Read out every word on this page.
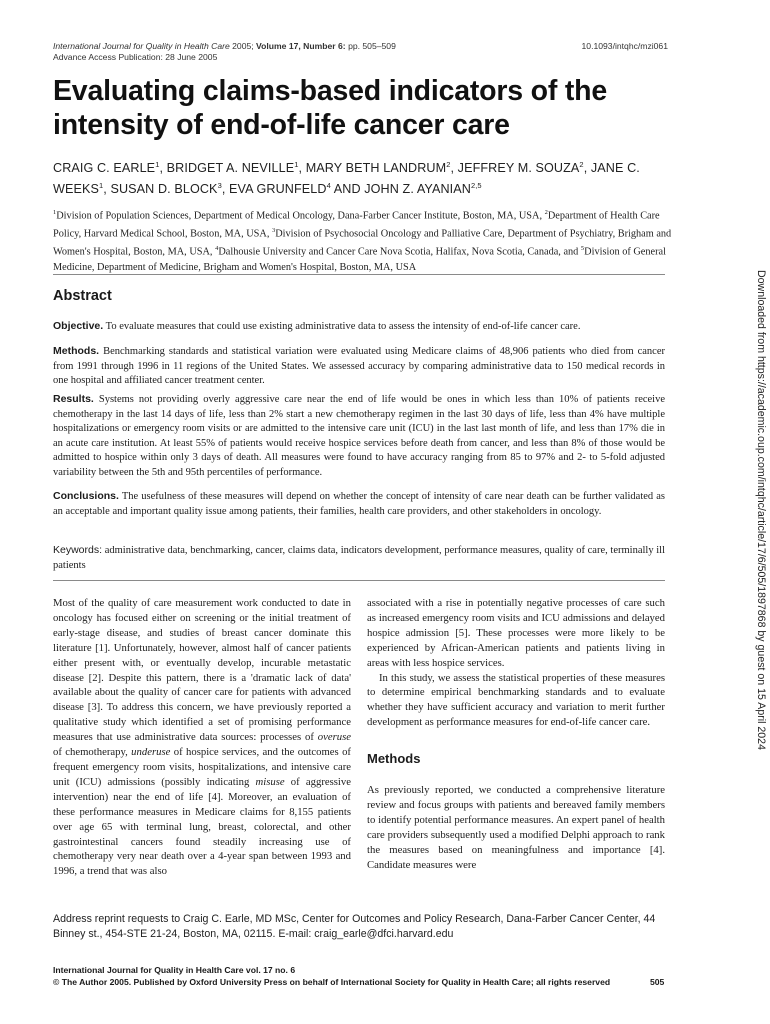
International Journal for Quality in Health Care 2005; Volume 17, Number 6: pp. 505–509
Advance Access Publication: 28 June 2005
10.1093/intqhc/mzi061
Evaluating claims-based indicators of the intensity of end-of-life cancer care
CRAIG C. EARLE$^1$, BRIDGET A. NEVILLE$^1$, MARY BETH LANDRUM$^2$, JEFFREY M. SOUZA$^2$, JANE C. WEEKS$^1$, SUSAN D. BLOCK$^3$, EVA GRUNFELD$^4$ AND JOHN Z. AYANIAN$^{2,5}$
$^1$Division of Population Sciences, Department of Medical Oncology, Dana-Farber Cancer Institute, Boston, MA, USA, $^2$Department of Health Care Policy, Harvard Medical School, Boston, MA, USA, $^3$Division of Psychosocial Oncology and Palliative Care, Department of Psychiatry, Brigham and Women's Hospital, Boston, MA, USA, $^4$Dalhousie University and Cancer Care Nova Scotia, Halifax, Nova Scotia, Canada, and $^5$Division of General Medicine, Department of Medicine, Brigham and Women's Hospital, Boston, MA, USA
Abstract

Objective. To evaluate measures that could use existing administrative data to assess the intensity of end-of-life cancer care.

Methods. Benchmarking standards and statistical variation were evaluated using Medicare claims of 48,906 patients who died from cancer from 1991 through 1996 in 11 regions of the United States. We assessed accuracy by comparing administrative data to 150 medical records in one hospital and affiliated cancer treatment center.

Results. Systems not providing overly aggressive care near the end of life would be ones in which less than 10% of patients receive chemotherapy in the last 14 days of life, less than 2% start a new chemotherapy regimen in the last 30 days of life, less than 4% have multiple hospitalizations or emergency room visits or are admitted to the intensive care unit (ICU) in the last last month of life, and less than 17% die in an acute care institution. At least 55% of patients would receive hospice services before death from cancer, and less than 8% of those would be admitted to hospice within only 3 days of death. All measures were found to have accuracy ranging from 85 to 97% and 2- to 5-fold adjusted variability between the 5th and 95th percentiles of performance.

Conclusions. The usefulness of these measures will depend on whether the concept of intensity of care near death can be further validated as an acceptable and important quality issue among patients, their families, health care providers, and other stakeholders in oncology.

Keywords: administrative data, benchmarking, cancer, claims data, indicators development, performance measures, quality of care, terminally ill patients

Most of the quality of care measurement work conducted to date in oncology has focused either on screening or the initial treatment of early-stage disease, and studies of breast cancer dominate this literature [1]. Unfortunately, however, almost half of cancer patients either present with, or eventually develop, incurable metastatic disease [2]. Despite this pattern, there is a 'dramatic lack of data' available about the quality of cancer care for patients with advanced disease [3]. To address this concern, we have previously reported a qualitative study which identified a set of promising performance measures that use administrative data sources: processes of overuse of chemotherapy, underuse of hospice services, and the outcomes of frequent emergency room visits, hospitalizations, and intensive care unit (ICU) admissions (possibly indicating misuse of aggressive intervention) near the end of life [4]. Moreover, an evaluation of these performance measures in Medicare claims for 8,155 patients over age 65 with terminal lung, breast, colorectal, and other gastrointestinal cancers found steadily increasing use of chemotherapy very near death over a 4-year span between 1993 and 1996, a trend that was also

associated with a rise in potentially negative processes of care such as increased emergency room visits and ICU admissions and delayed hospice admission [5]. These processes were more likely to be experienced by African-American patients and patients living in areas with less hospice services.

In this study, we assess the statistical properties of these measures to determine empirical benchmarking standards and to evaluate whether they have sufficient accuracy and variation to merit further development as performance measures for end-of-life cancer care.

Methods

As previously reported, we conducted a comprehensive literature review and focus groups with patients and bereaved family members to identify potential performance measures. An expert panel of health care providers subsequently used a modified Delphi approach to rank the measures based on meaningfulness and importance [4]. Candidate measures were

Address reprint requests to Craig C. Earle, MD MSc, Center for Outcomes and Policy Research, Dana-Farber Cancer Center, 44 Binney st., 454-STE 21-24, Boston, MA, 02115. E-mail: craig_earle@dfci.harvard.edu
International Journal for Quality in Health Care vol. 17 no. 6
© The Author 2005. Published by Oxford University Press on behalf of International Society for Quality in Health Care; all rights reserved	505
Downloaded from https://academic.oup.com/intqhc/article/17/6/505/1897868 by guest on 15 April 2024
